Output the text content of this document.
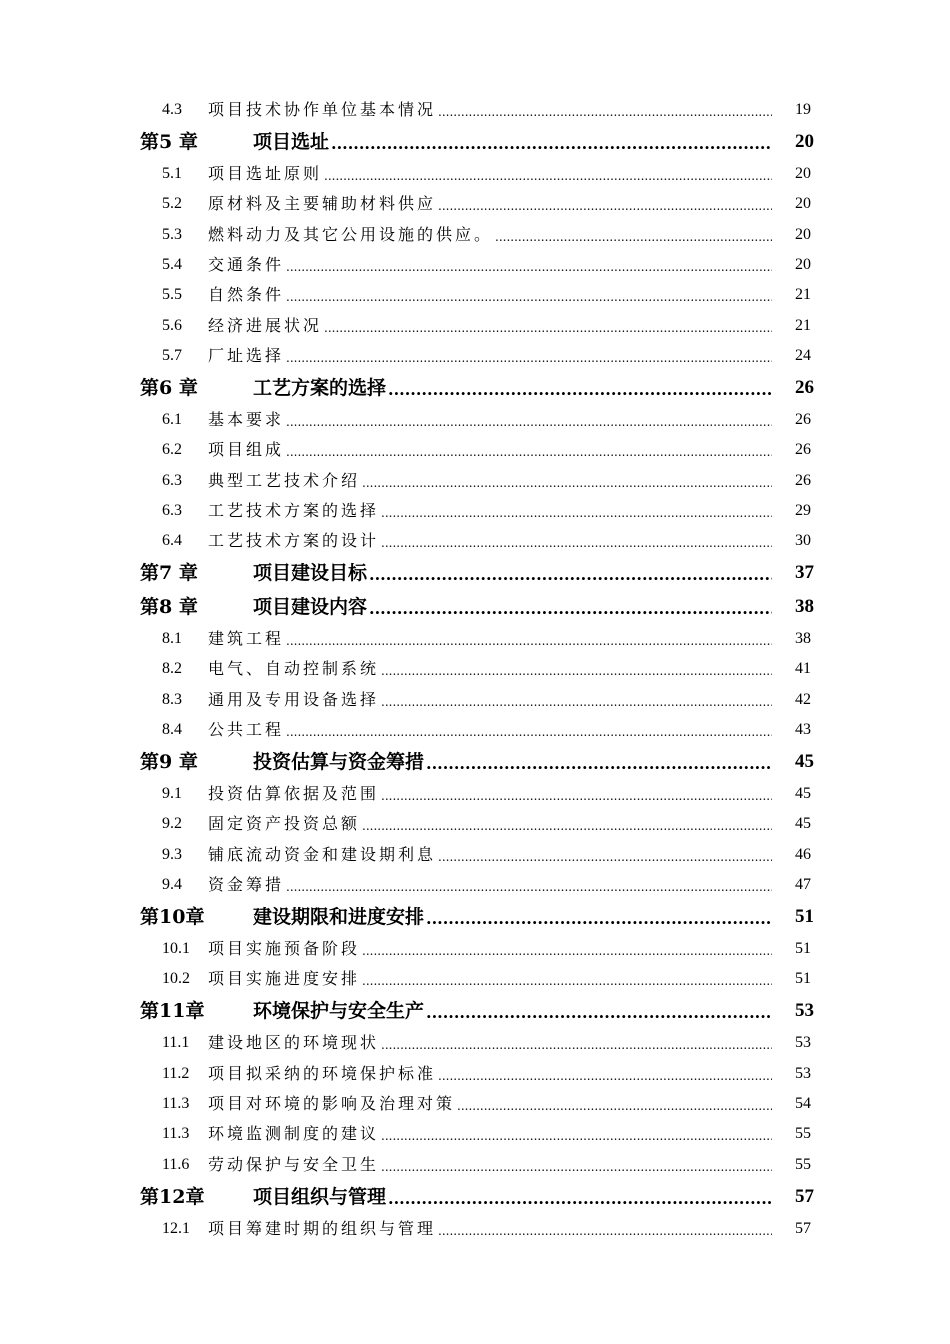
4.3 项目技术协作单位基本情况 .....	19
第5 章	项目选址 .....	20
5.1 项目选址原则 .....	20
5.2 原材料及主要辅助材料供应 .....	20
5.3 燃料动力及其它公用设施的供应。 .....	20
5.4 交通条件 .....	20
5.5 自然条件 .....	21
5.6 经济进展状况 .....	21
5.7 厂址选择 .....	24
第6 章	工艺方案的选择 .....	26
6.1 基本要求 .....	26
6.2 项目组成 .....	26
6.3 典型工艺技术介绍 .....	26
6.3 工艺技术方案的选择 .....	29
6.4 工艺技术方案的设计 .....	30
第7 章	项目建设目标 .....	37
第8 章	项目建设内容 .....	38
8.1 建筑工程 .....	38
8.2 电气、自动控制系统 .....	41
8.3 通用及专用设备选择 .....	42
8.4 公共工程 .....	43
第9 章	投资估算与资金筹措 .....	45
9.1 投资估算依据及范围 .....	45
9.2 固定资产投资总额 .....	45
9.3 铺底流动资金和建设期利息 .....	46
9.4 资金筹措 .....	47
第10章	建设期限和进度安排 .....	51
10.1 项目实施预备阶段 .....	51
10.2 项目实施进度安排 .....	51
第11章	环境保护与安全生产 .....	53
11.1 建设地区的环境现状 .....	53
11.2 项目拟采纳的环境保护标准 .....	53
11.3 项目对环境的影响及治理对策 .....	54
11.3 环境监测制度的建议 .....	55
11.6 劳动保护与安全卫生 .....	55
第12章	项目组织与管理 .....	57
12.1 项目筹建时期的组织与管理 .....	57
